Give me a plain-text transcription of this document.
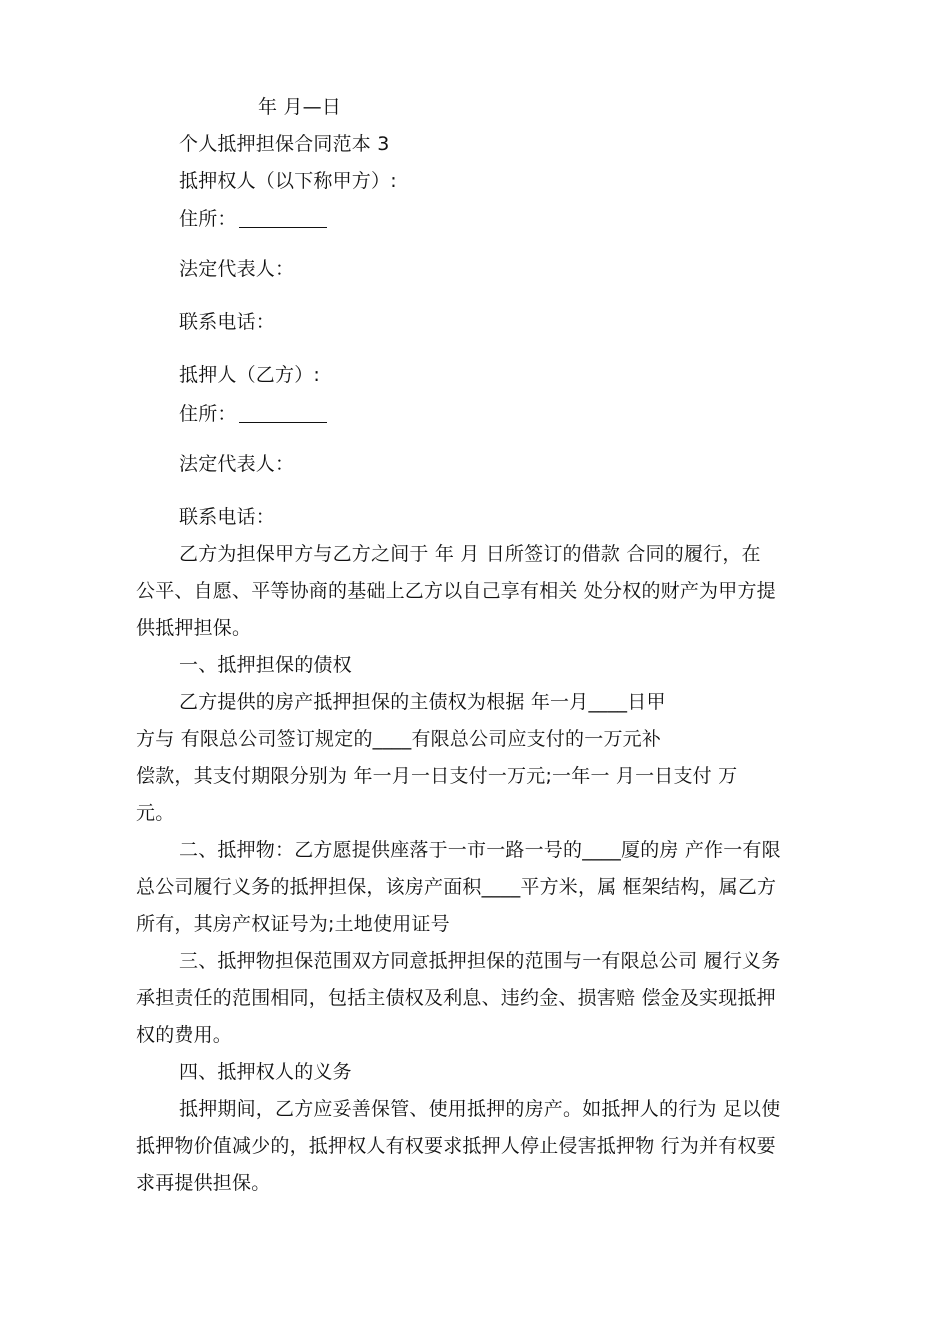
年 月—日
个人抵押担保合同范本 3
抵押权人（以下称甲方）:
住所：
法定代表人：
联系电话：
抵押人（乙方）:
住所：
法定代表人：
联系电话：
乙方为担保甲方与乙方之间于 年 月 日所签订的借款 合同的履行，在
公平、自愿、平等协商的基础上乙方以自己享有相关 处分权的财产为甲方提
供抵押担保。
一、抵押担保的债权
乙方提供的房产抵押担保的主债权为根据 年一月____日甲
方与 有限总公司签订规定的____有限总公司应支付的一万元补
偿款，其支付期限分别为 年一月一日支付一万元;一年一 月一日支付 万
元。
二、抵押物：乙方愿提供座落于一市一路一号的____厦的房 产作一有限
总公司履行义务的抵押担保，该房产面积____平方米，属 框架结构，属乙方
所有，其房产权证号为;土地使用证号
三、抵押物担保范围双方同意抵押担保的范围与一有限总公司 履行义务
承担责任的范围相同，包括主债权及利息、违约金、损害赔 偿金及实现抵押
权的费用。
四、抵押权人的义务
抵押期间，乙方应妥善保管、使用抵押的房产。如抵押人的行为 足以使
抵押物价值减少的，抵押权人有权要求抵押人停止侵害抵押物 行为并有权要
求再提供担保。
